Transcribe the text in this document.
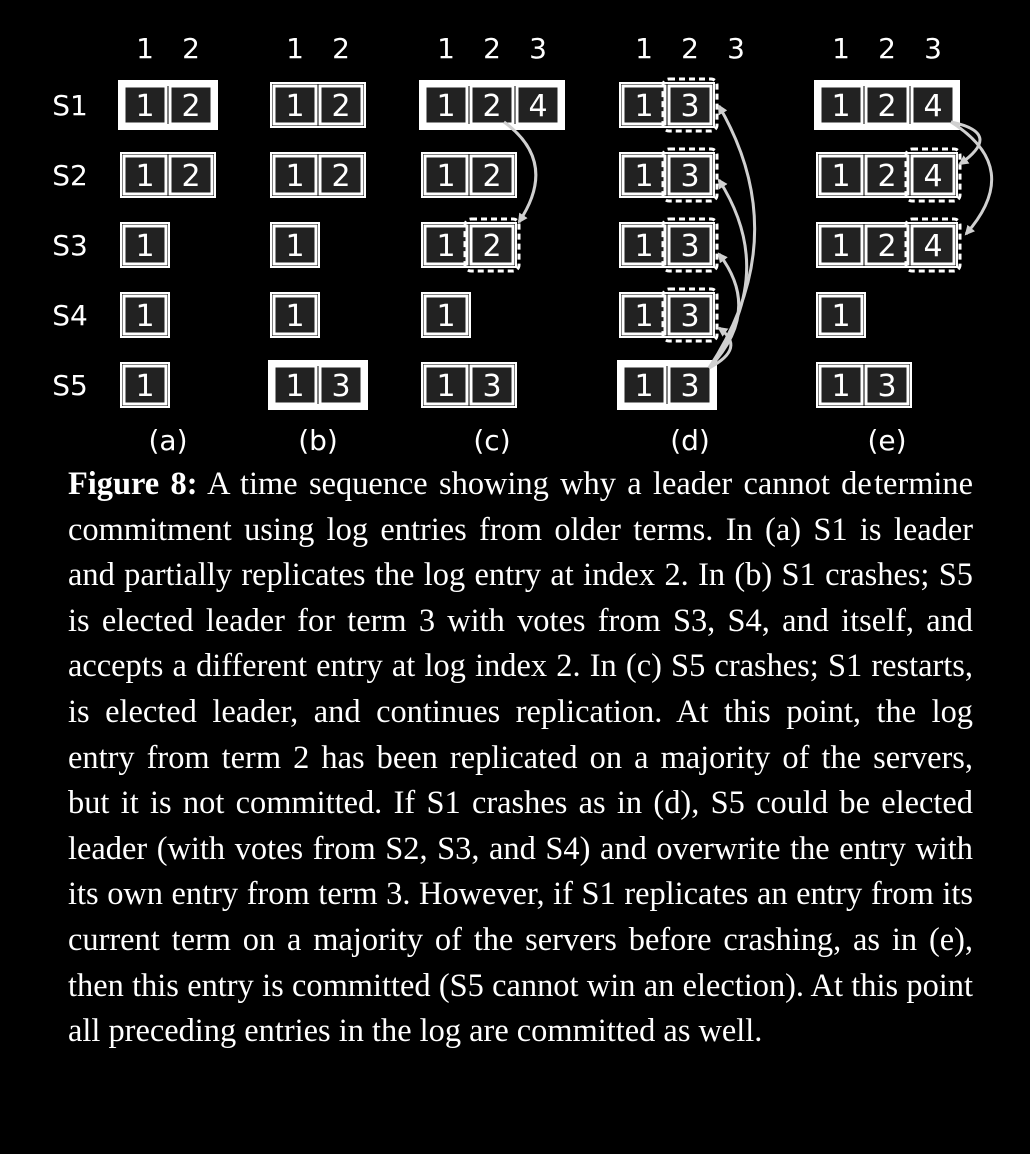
S1
S2
S3
S4
S5
1 2
(a)
1 2
1 2
1
1
1
1 2
(b)
1 2
1 2
1
1
1 3
1 2 3
(c)
1 2 4
1 2
1 2
1
1 3
1 2 3
(d)
1 3
1 3
1 3
1 3
1 3
1 2 3
(e)
1 2 4
1 2 4
1 2 4
1
1 3

Figure 8: A time sequence showing why a leader cannot de termine commitment using log entries from older terms. In (a) S1 is leader and partially replicates the log entry at index 2. In (b) S1 crashes; S5 is elected leader for term 3 with votes from S3, S4, and itself, and accepts a different entry at log index 2. In (c) S5 crashes; S1 restarts, is elected leader, and continues replication. At this point, the log entry from term 2 has been replicated on a majority of the servers, but it is not committed. If S1 crashes as in (d), S5 could be elected leader (with votes from S2, S3, and S4) and overwrite the entry with its own entry from term 3. However, if S1 replicates an en try from its current term on a majority of the servers before crashing, as in (e), then this entry is committed (S5 cannot win an election). At this point all preceding entries in the log are committed as well.
